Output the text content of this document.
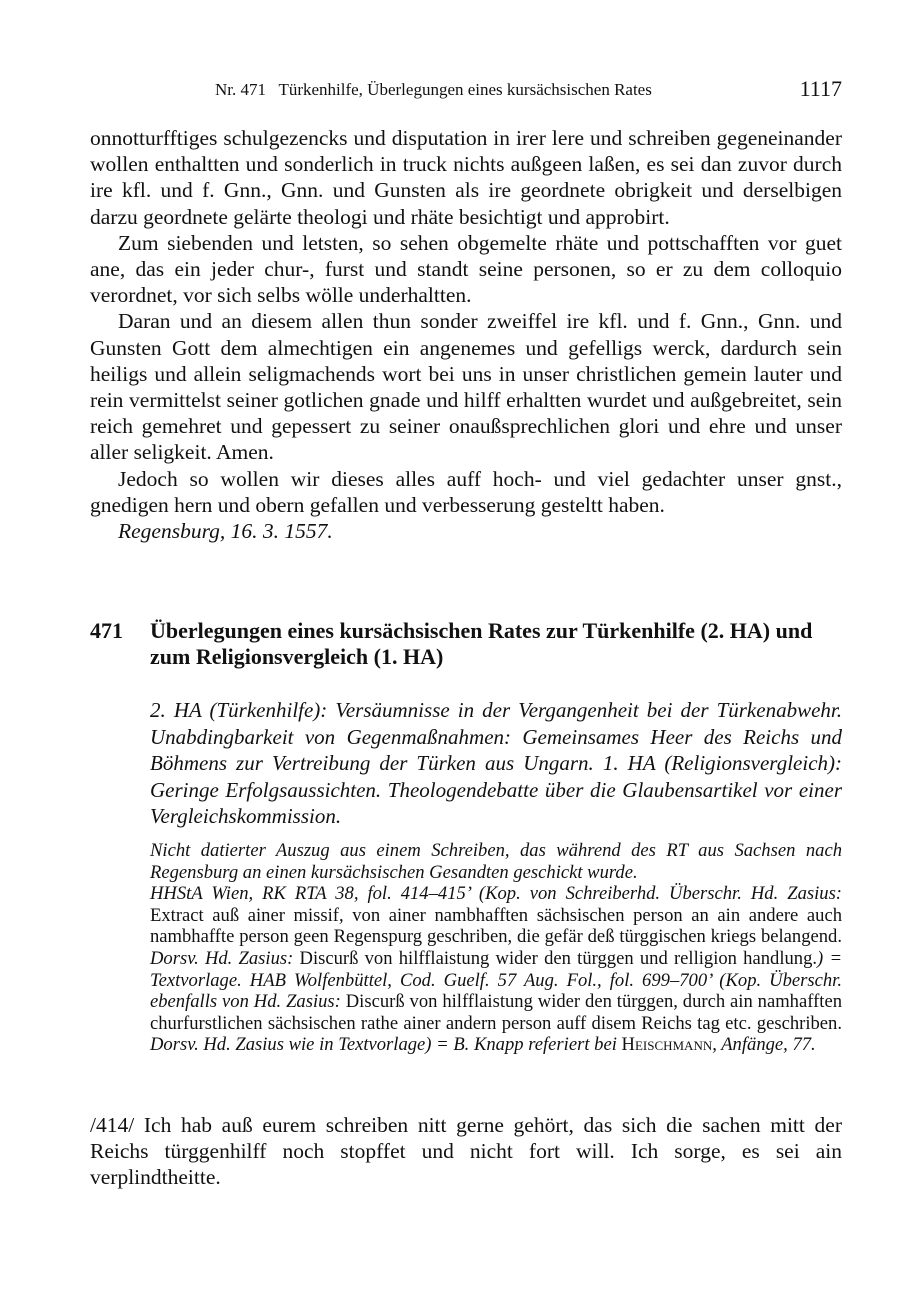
Nr. 471   Türkenhilfe, Überlegungen eines kursächsischen Rates	1117

onnotturfftiges schulgezencks und disputation in irer lere und schreiben gegeneinander wollen enthaltten und sonderlich in truck nichts außgeen laßen, es sei dan zuvor durch ire kfl. und f. Gnn., Gnn. und Gunsten als ire geordnete obrigkeit und derselbigen darzu geordnete gelärte theologi und rhäte besichtigt und approbirt.

Zum siebenden und letsten, so sehen obgemelte rhäte und pottschafften vor guet ane, das ein jeder chur-, furst und standt seine personen, so er zu dem colloquio verordnet, vor sich selbs wölle underhaltten.

Daran und an diesem allen thun sonder zweiffel ire kfl. und f. Gnn., Gnn. und Gunsten Gott dem almechtigen ein angenemes und gefelligs werck, dardurch sein heiligs und allein seligmachends wort bei uns in unser christlichen gemein lauter und rein vermittelst seiner gotlichen gnade und hilff erhaltten wurdet und außgebreitet, sein reich gemehret und gepessert zu seiner onaußsprechlichen glori und ehre und unser aller seligkeit. Amen.

Jedoch so wollen wir dieses alles auff hoch- und viel gedachter unser gnst., gnedigen hern und obern gefallen und verbesserung gesteltt haben.

Regensburg, 16. 3. 1557.

471 Überlegungen eines kursächsischen Rates zur Türkenhilfe (2. HA) und zum Religionsvergleich (1. HA)
2. HA (Türkenhilfe): Versäumnisse in der Vergangenheit bei der Türkenabwehr. Unabdingbarkeit von Gegenmaßnahmen: Gemeinsames Heer des Reichs und Böhmens zur Vertreibung der Türken aus Ungarn. 1. HA (Religionsvergleich): Geringe Erfolgsaussichten. Theologendebatte über die Glaubensartikel vor einer Vergleichskommission.

Nicht datierter Auszug aus einem Schreiben, das während des RT aus Sachsen nach Regensburg an einen kursächsischen Gesandten geschickt wurde.

HHStA Wien, RK RTA 38, fol. 414–415’ (Kop. von Schreiberhd. Überschr. Hd. Zasius: Extract auß ainer missif, von ainer nambhafften sächsischen person an ain andere auch nambhaffte person geen Regenspurg geschriben, die gefär deß türggischen kriegs belangend. Dorsv. Hd. Zasius: Discurß von hilfflaistung wider den türggen und relligion handlung.) = Textvorlage. HAB Wolfenbüttel, Cod. Guelf. 57 Aug. Fol., fol. 699–700’ (Kop. Überschr. ebenfalls von Hd. Zasius: Discurß von hilfflaistung wider den türggen, durch ain namhafften churfurstlichen sächsischen rathe ainer andern person auff disem Reichs tag etc. geschriben. Dorsv. Hd. Zasius wie in Textvorlage) = B. Knapp referiert bei Heischmann, Anfänge, 77.

/414/ Ich hab auß eurem schreiben nitt gerne gehört, das sich die sachen mitt der Reichs türggenhilff noch stopffet und nicht fort will. Ich sorge, es sei ain verplindtheitte.
